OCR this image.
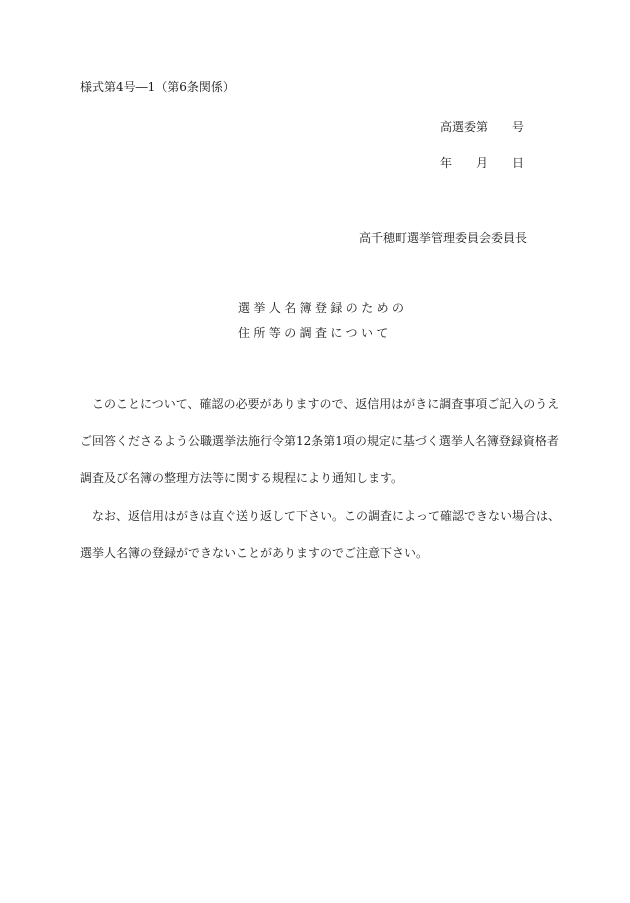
様式第4号―1（第6条関係）

高選委第　　号

年　　月　　日

高千穂町選挙管理委員会委員長

選挙人名簿登録のための

住所等の調査について

このことについて、確認の必要がありますので、返信用はがきに調査事項ご記入のうえ

ご回答くださるよう公職選挙法施行令第12条第1項の規定に基づく選挙人名簿登録資格者

調査及び名簿の整理方法等に関する規程により通知します。

なお、返信用はがきは直ぐ送り返して下さい。この調査によって確認できない場合は、

選挙人名簿の登録ができないことがありますのでご注意下さい。
